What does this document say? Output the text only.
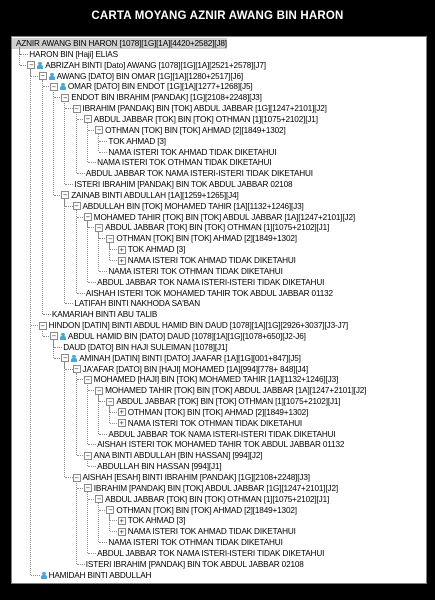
CARTA MOYANG AZNIR AWANG BIN HARON
AZNIR AWANG BIN HARON [1078][1G][1A][4420+2582][J8]
HARON BIN [Haji] ELIAS
− ABRIZAH BINTI [Dato] AWANG [1078][1G][1A][2521+2578][J7]
− AWANG [DATO] BIN OMAR [1G][1A][1280+2517][J6]
− OMAR [DATO] BIN ENDOT [1G][1A][1277+1268][J5]
− ENDOT BIN IBRAHIM [PANDAK] [1G][2108+2248][J3]
− IBRAHIM [PANDAK] BIN [TOK] ABDUL JABBAR [1G][1247+2101][J2]
− ABDUL JABBAR [TOK] BIN [TOK] OTHMAN [1][1075+2102][J1]
− OTHMAN [TOK] BIN [TOK] AHMAD [2][1849+1302]
TOK AHMAD [3]
NAMA ISTERI TOK AHMAD TIDAK DIKETAHUI
NAMA ISTERI TOK OTHMAN TIDAK DIKETAHUI
ABDUL JABBAR TOK NAMA ISTERI-ISTERI TIDAK DIKETAHUI
ISTERI IBRAHIM [PANDAK] BIN TOK ABDUL JABBAR 02108
− ZAINAB BINTI ABDULLAH [1A][1259+1265][J4]
− ABDULLAH BIN [TOK] MOHAMED TAHIR [1A][1132+1246][J3]
− MOHAMED TAHIR [TOK] BIN [TOK] ABDUL JABBAR [1A][1247+2101][J2]
− ABDUL JABBAR [TOK] BIN [TOK] OTHMAN [1][1075+2102][J1]
− OTHMAN [TOK] BIN [TOK] AHMAD [2][1849+1302]
+ TOK AHMAD [3]
+ NAMA ISTERI TOK AHMAD TIDAK DIKETAHUI
NAMA ISTERI TOK OTHMAN TIDAK DIKETAHUI
ABDUL JABBAR TOK NAMA ISTERI-ISTERI TIDAK DIKETAHUI
AISHAH ISTERI TOK MOHAMED TAHIR TOK ABDUL JABBAR 01132
LATIFAH BINTI NAKHODA SA'BAN
KAMARIAH BINTI ABU TALIB
− HINDON [DATIN] BINTI ABDUL HAMID BIN DAUD [1078][1A][1G][2926+3037][J3-J7]
− ABDUL HAMID BIN [DATO] DAUD [1078][1A][1G][1078+650][J2-J6]
DAUD [DATO] BIN HAJI SULEIMAN [1078][J1]
− AMINAH [DATIN] BINTI [DATO] JAAFAR [1A][1G][001+847][J5]
− JA'AFAR [DATO] BIN [HAJI] MOHAMED [1A][994][778+ 848][J4]
− MOHAMED [HAJI] BIN [TOK] MOHAMED TAHIR [1A][1132+1246][J3]
− MOHAMED TAHIR [TOK] BIN [TOK] ABDUL JABBAR [1A][1247+2101][J2]
− ABDUL JABBAR [TOK] BIN [TOK] OTHMAN [1][1075+2102][J1]
+ OTHMAN [TOK] BIN [TOK] AHMAD [2][1849+1302]
+ NAMA ISTERI TOK OTHMAN TIDAK DIKETAHUI
ABDUL JABBAR TOK NAMA ISTERI-ISTERI TIDAK DIKETAHUI
AISHAH ISTERI TOK MOHAMED TAHIR TOK ABDUL JABBAR 01132
− ANA BINTI ABDULLAH [BIN HASSAN] [994][J2]
ABDULLAH BIN HASSAN [994][J1]
− AISHAH [ESAH] BINTI IBRAHIM [PANDAK] [1G][2108+2248][J3]
− IBRAHIM [PANDAK] BIN [TOK] ABDUL JABBAR [1G][1247+2101][J2]
− ABDUL JABBAR [TOK] BIN [TOK] OTHMAN [1][1075+2102][J1]
− OTHMAN [TOK] BIN [TOK] AHMAD [2][1849+1302]
+ TOK AHMAD [3]
+ NAMA ISTERI TOK AHMAD TIDAK DIKETAHUI
NAMA ISTERI TOK OTHMAN TIDAK DIKETAHUI
ABDUL JABBAR TOK NAMA ISTERI-ISTERI TIDAK DIKETAHUI
ISTERI IBRAHIM [PANDAK] BIN TOK ABDUL JABBAR 02108
HAMIDAH BINTI ABDULLAH
